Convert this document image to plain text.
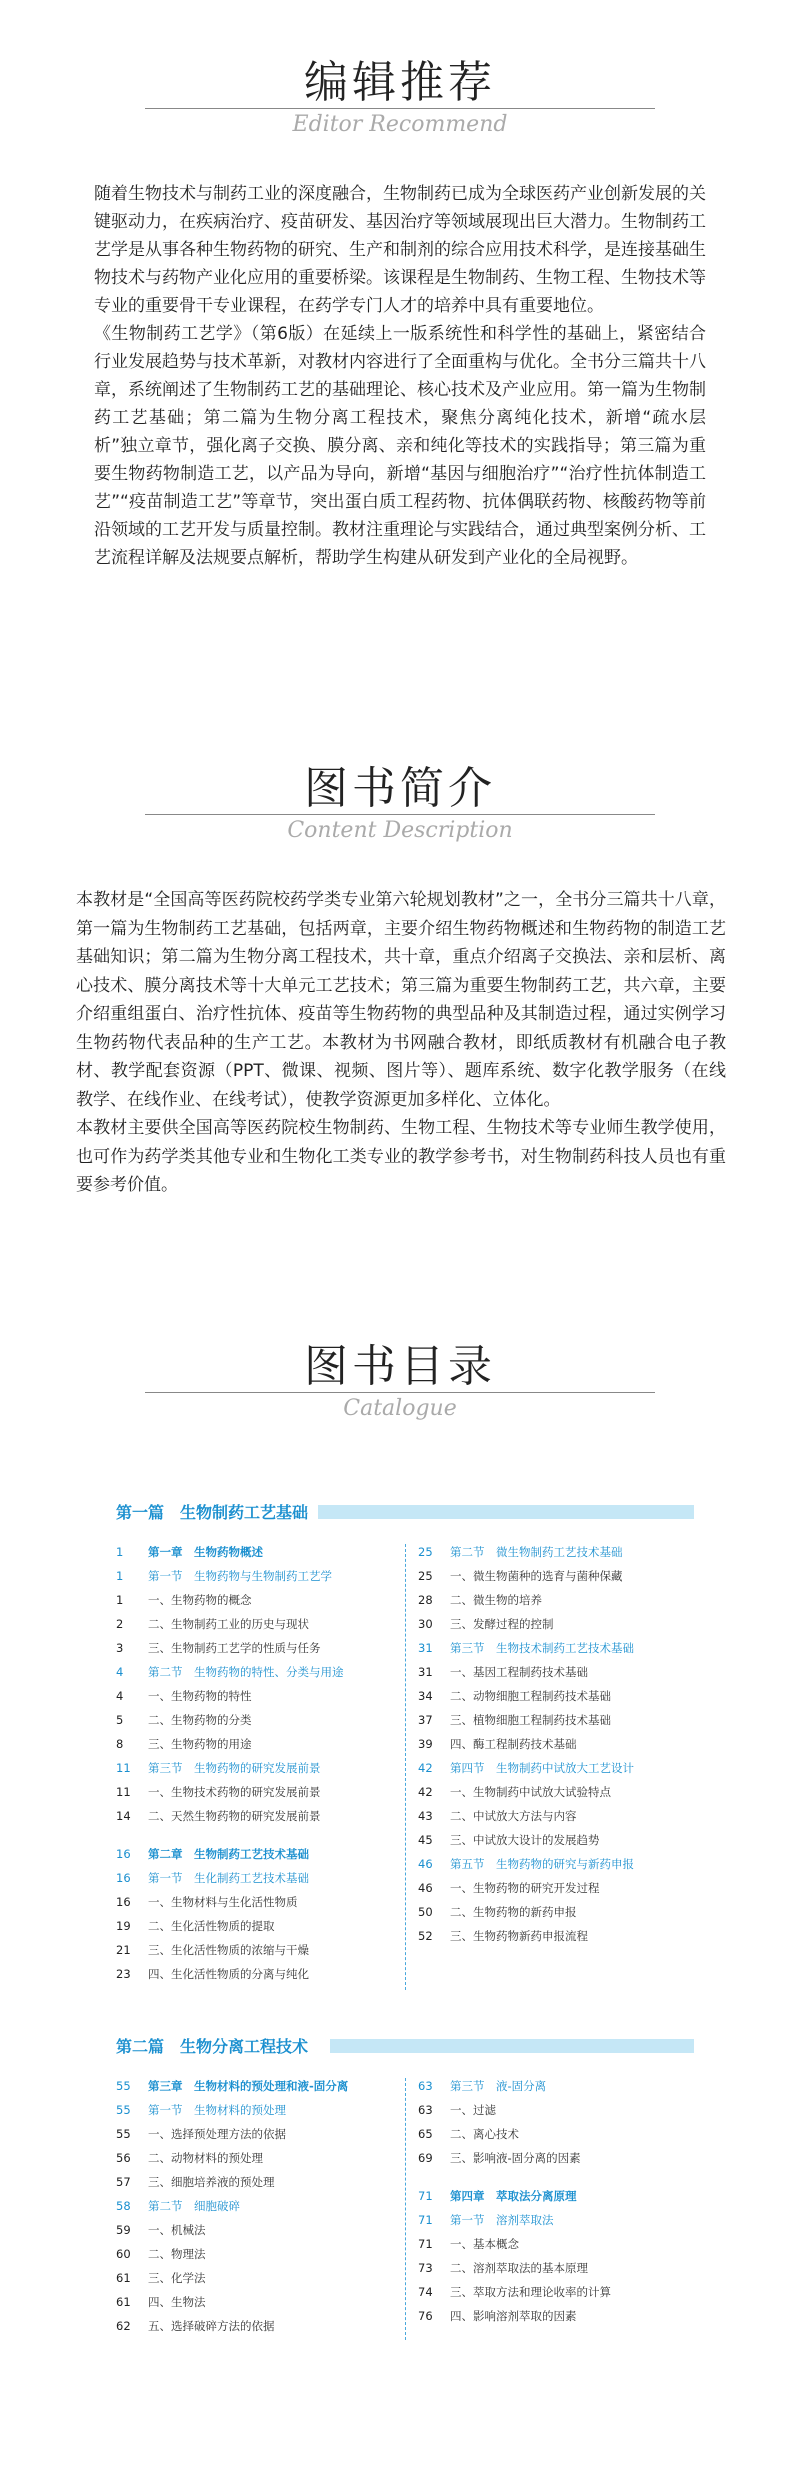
编辑推荐
Editor Recommend

随着生物技术与制药工业的深度融合，生物制药已成为全球医药产业创新发展的关键驱动力，在疾病治疗、疫苗研发、基因治疗等领域展现出巨大潜力。生物制药工艺学是从事各种生物药物的研究、生产和制剂的综合应用技术科学，是连接基础生物技术与药物产业化应用的重要桥梁。该课程是生物制药、生物工程、生物技术等专业的重要骨干专业课程，在药学专门人才的培养中具有重要地位。

《生物制药工艺学》（第6版）在延续上一版系统性和科学性的基础上，紧密结合行业发展趋势与技术革新，对教材内容进行了全面重构与优化。全书分三篇共十八章，系统阐述了生物制药工艺的基础理论、核心技术及产业应用。第一篇为生物制药工艺基础；第二篇为生物分离工程技术，聚焦分离纯化技术，新增“疏水层析”独立章节，强化离子交换、膜分离、亲和纯化等技术的实践指导；第三篇为重要生物药物制造工艺，以产品为导向，新增“基因与细胞治疗”“治疗性抗体制造工艺”“疫苗制造工艺”等章节，突出蛋白质工程药物、抗体偶联药物、核酸药物等前沿领域的工艺开发与质量控制。教材注重理论与实践结合，通过典型案例分析、工艺流程详解及法规要点解析，帮助学生构建从研发到产业化的全局视野。

图书简介
Content Description

本教材是“全国高等医药院校药学类专业第六轮规划教材”之一，全书分三篇共十八章，第一篇为生物制药工艺基础，包括两章，主要介绍生物药物概述和生物药物的制造工艺基础知识；第二篇为生物分离工程技术，共十章，重点介绍离子交换法、亲和层析、离心技术、膜分离技术等十大单元工艺技术；第三篇为重要生物制药工艺，共六章，主要介绍重组蛋白、治疗性抗体、疫苗等生物药物的典型品种及其制造过程，通过实例学习生物药物代表品种的生产工艺。本教材为书网融合教材，即纸质教材有机融合电子教材、教学配套资源（PPT、微课、视频、图片等）、题库系统、数字化教学服务（在线教学、在线作业、在线考试），使教学资源更加多样化、立体化。

本教材主要供全国高等医药院校生物制药、生物工程、生物技术等专业师生教学使用，也可作为药学类其他专业和生物化工类专业的教学参考书，对生物制药科技人员也有重要参考价值。

图书目录
Catalogue
第一篇　生物制药工艺基础
1	第一章　生物药物概述
1	第一节　生物药物与生物制药工艺学
1	一、生物药物的概念
2	二、生物制药工业的历史与现状
3	三、生物制药工艺学的性质与任务
4	第二节　生物药物的特性、分类与用途
4	一、生物药物的特性
5	二、生物药物的分类
8	三、生物药物的用途
11	第三节　生物药物的研究发展前景
11	一、生物技术药物的研究发展前景
14	二、天然生物药物的研究发展前景
16	第二章　生物制药工艺技术基础
16	第一节　生化制药工艺技术基础
16	一、生物材料与生化活性物质
19	二、生化活性物质的提取
21	三、生化活性物质的浓缩与干燥
23	四、生化活性物质的分离与纯化
25	第二节　微生物制药工艺技术基础
25	一、微生物菌种的选育与菌种保藏
28	二、微生物的培养
30	三、发酵过程的控制
31	第三节　生物技术制药工艺技术基础
31	一、基因工程制药技术基础
34	二、动物细胞工程制药技术基础
37	三、植物细胞工程制药技术基础
39	四、酶工程制药技术基础
42	第四节　生物制药中试放大工艺设计
42	一、生物制药中试放大试验特点
43	二、中试放大方法与内容
45	三、中试放大设计的发展趋势
46	第五节　生物药物的研究与新药申报
46	一、生物药物的研究开发过程
50	二、生物药物的新药申报
52	三、生物药物新药申报流程
第二篇　生物分离工程技术
55	第三章　生物材料的预处理和液-固分离
55	第一节　生物材料的预处理
55	一、选择预处理方法的依据
56	二、动物材料的预处理
57	三、细胞培养液的预处理
58	第二节　细胞破碎
59	一、机械法
60	二、物理法
61	三、化学法
61	四、生物法
62	五、选择破碎方法的依据
63	第三节　液-固分离
63	一、过滤
65	二、离心技术
69	三、影响液-固分离的因素
71	第四章　萃取法分离原理
71	第一节　溶剂萃取法
71	一、基本概念
73	二、溶剂萃取法的基本原理
74	三、萃取方法和理论收率的计算
76	四、影响溶剂萃取的因素
